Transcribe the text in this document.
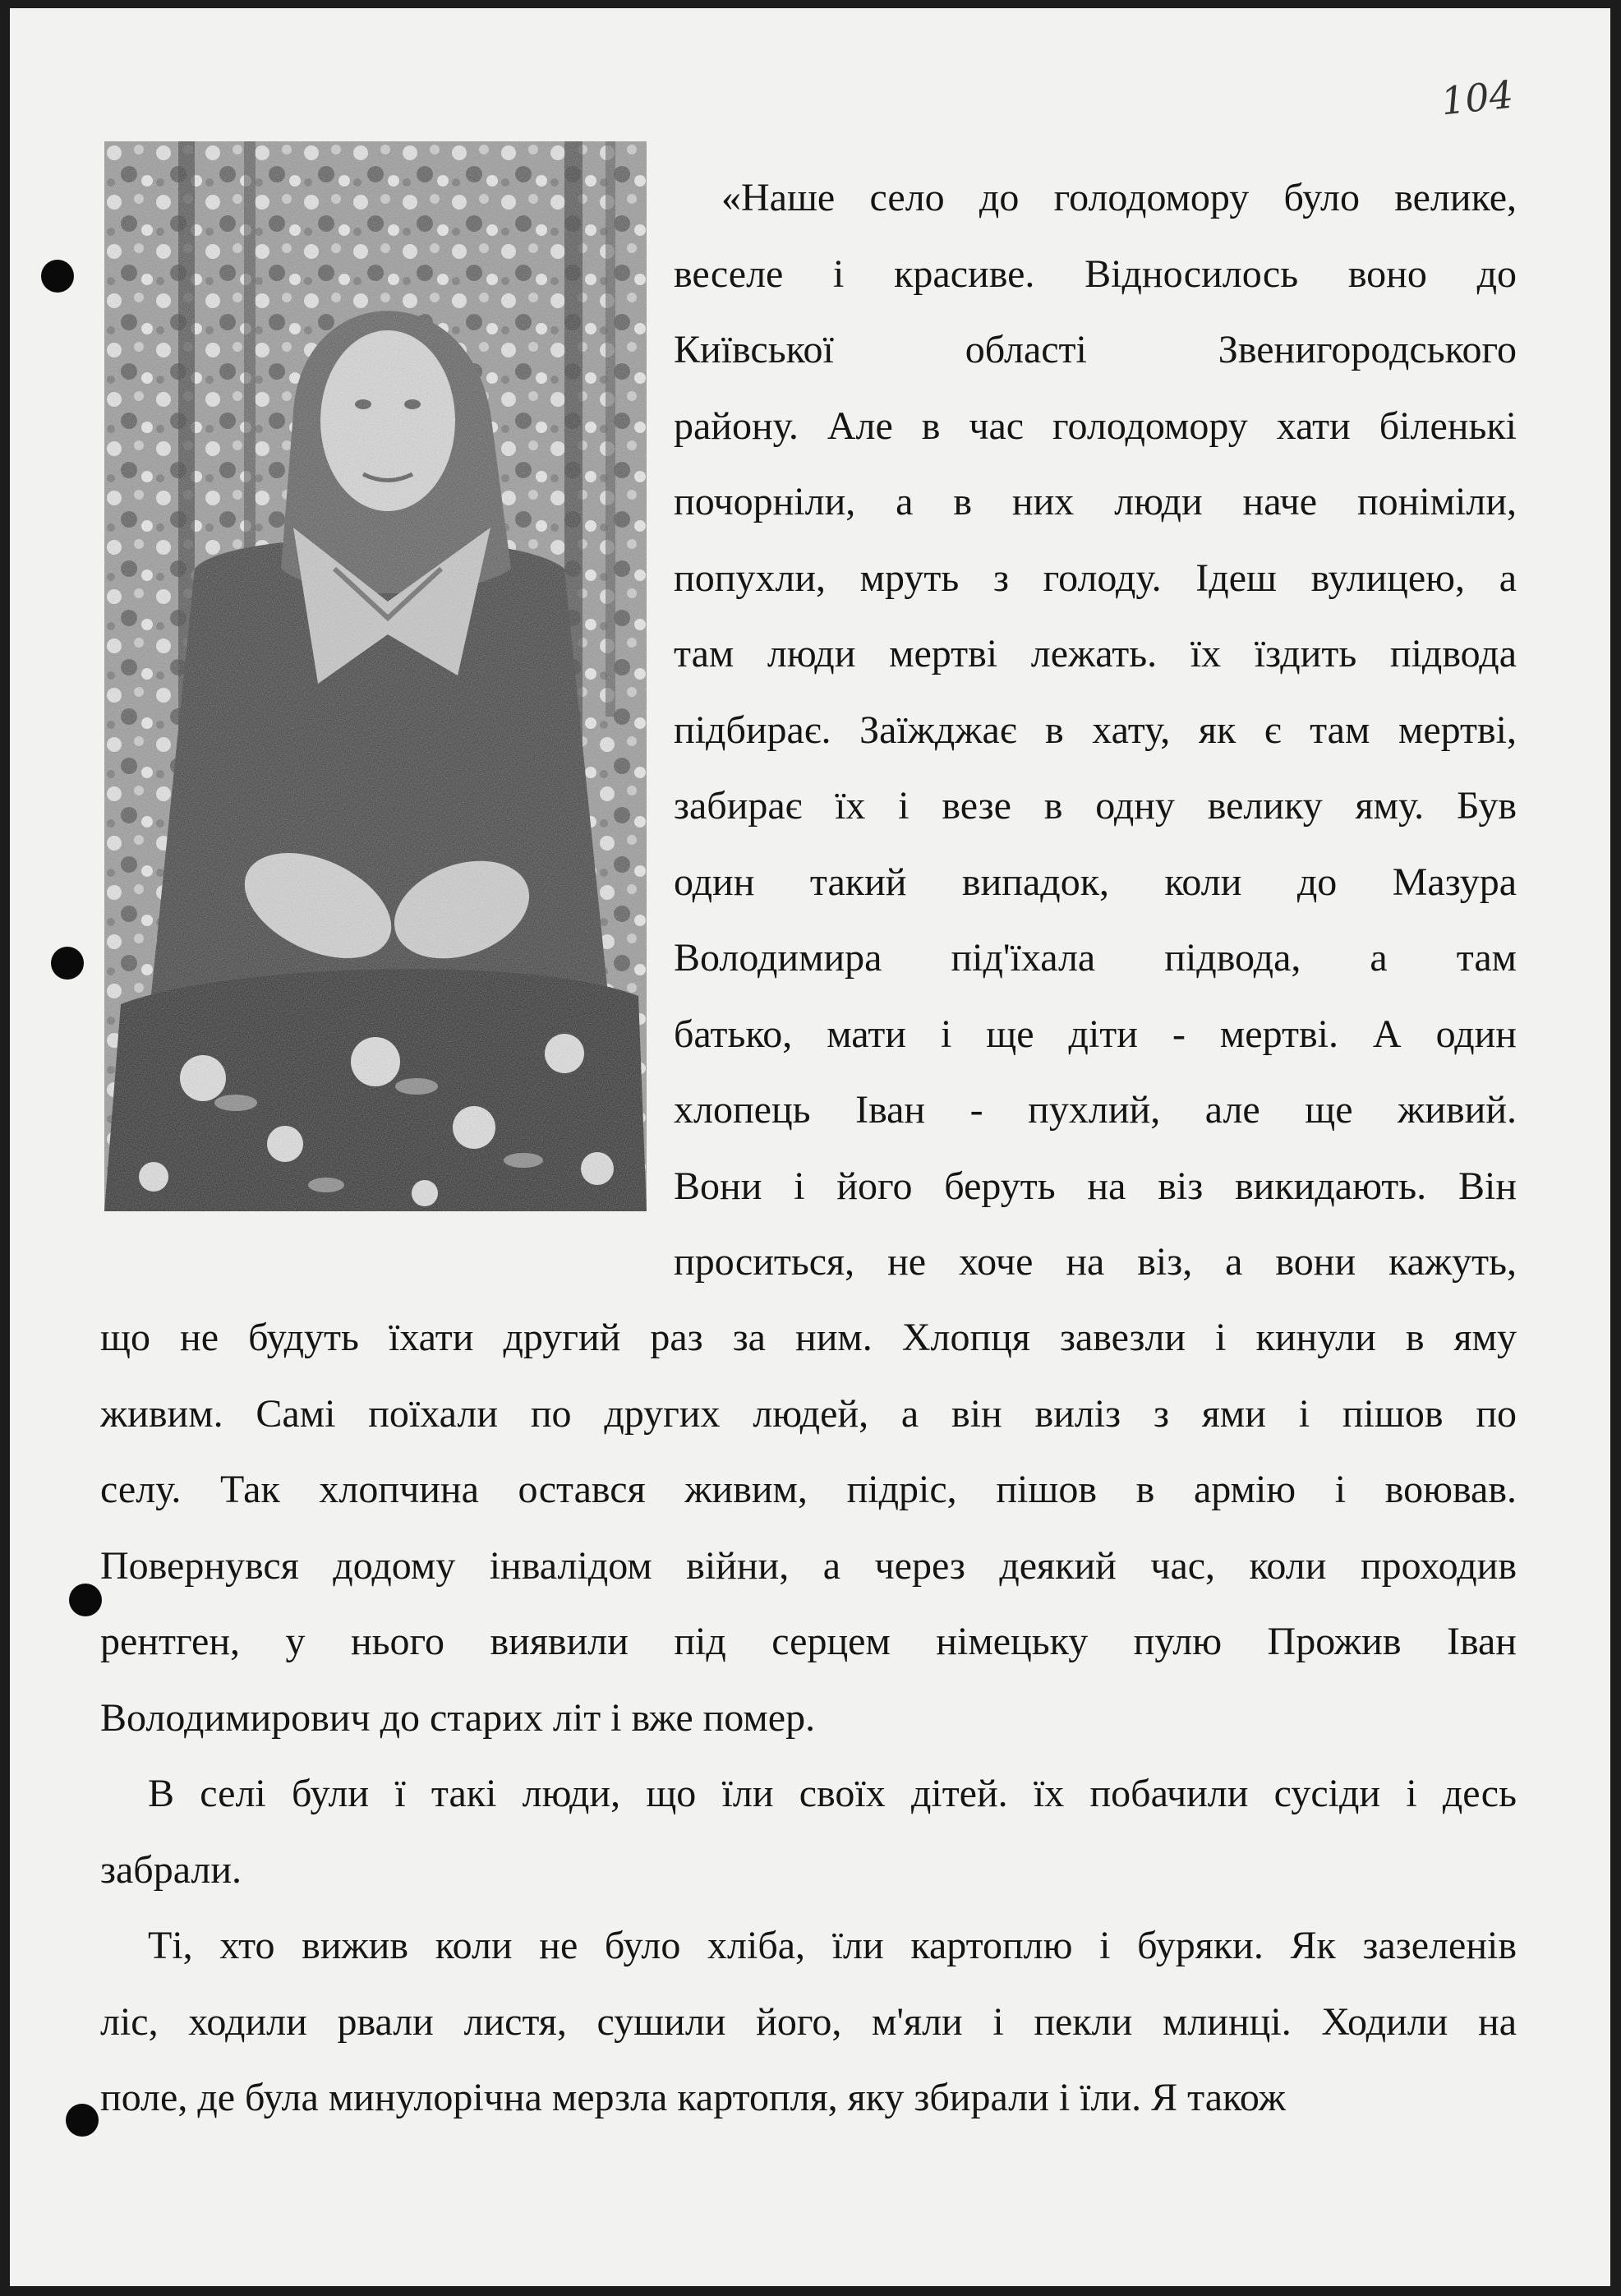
104
«Наше село до голодомору було велике,
веселе і красиве. Відносилось воно до
Київської області Звенигородського
району. Але в час голодомору хати біленькі
почорніли, а в них люди наче поніміли,
попухли, мруть з голоду. Ідеш вулицею, а
там люди мертві лежать. їх їздить підвода
підбирає. Заїжджає в хату, як є там мертві,
забирає їх і везе в одну велику яму. Був
один такий випадок, коли до Мазура
Володимира під'їхала підвода, а там
батько, мати і ще діти - мертві. А один
хлопець Іван - пухлий, але ще живий.
Вони і його беруть на віз викидають. Він
проситься, не хоче на віз, а вони кажуть,
що не будуть їхати другий раз за ним. Хлопця завезли і кинули в яму
живим. Самі поїхали по других людей, а він виліз з ями і пішов по
селу. Так хлопчина остався живим, підріс, пішов в армію і воював.
Повернувся додому інвалідом війни, а через деякий час, коли проходив
рентген, у нього виявили під серцем німецьку пулю Прожив Іван
Володимирович до старих літ і вже помер.
В селі були ї такі люди, що їли своїх дітей. їх побачили сусіди і десь
забрали.
Ті, хто вижив коли не було хліба, їли картоплю і буряки. Як зазеленів
ліс, ходили рвали листя, сушили його, м'яли і пекли млинці. Ходили на
поле, де була минулорічна мерзла картопля, яку збирали і їли. Я також
